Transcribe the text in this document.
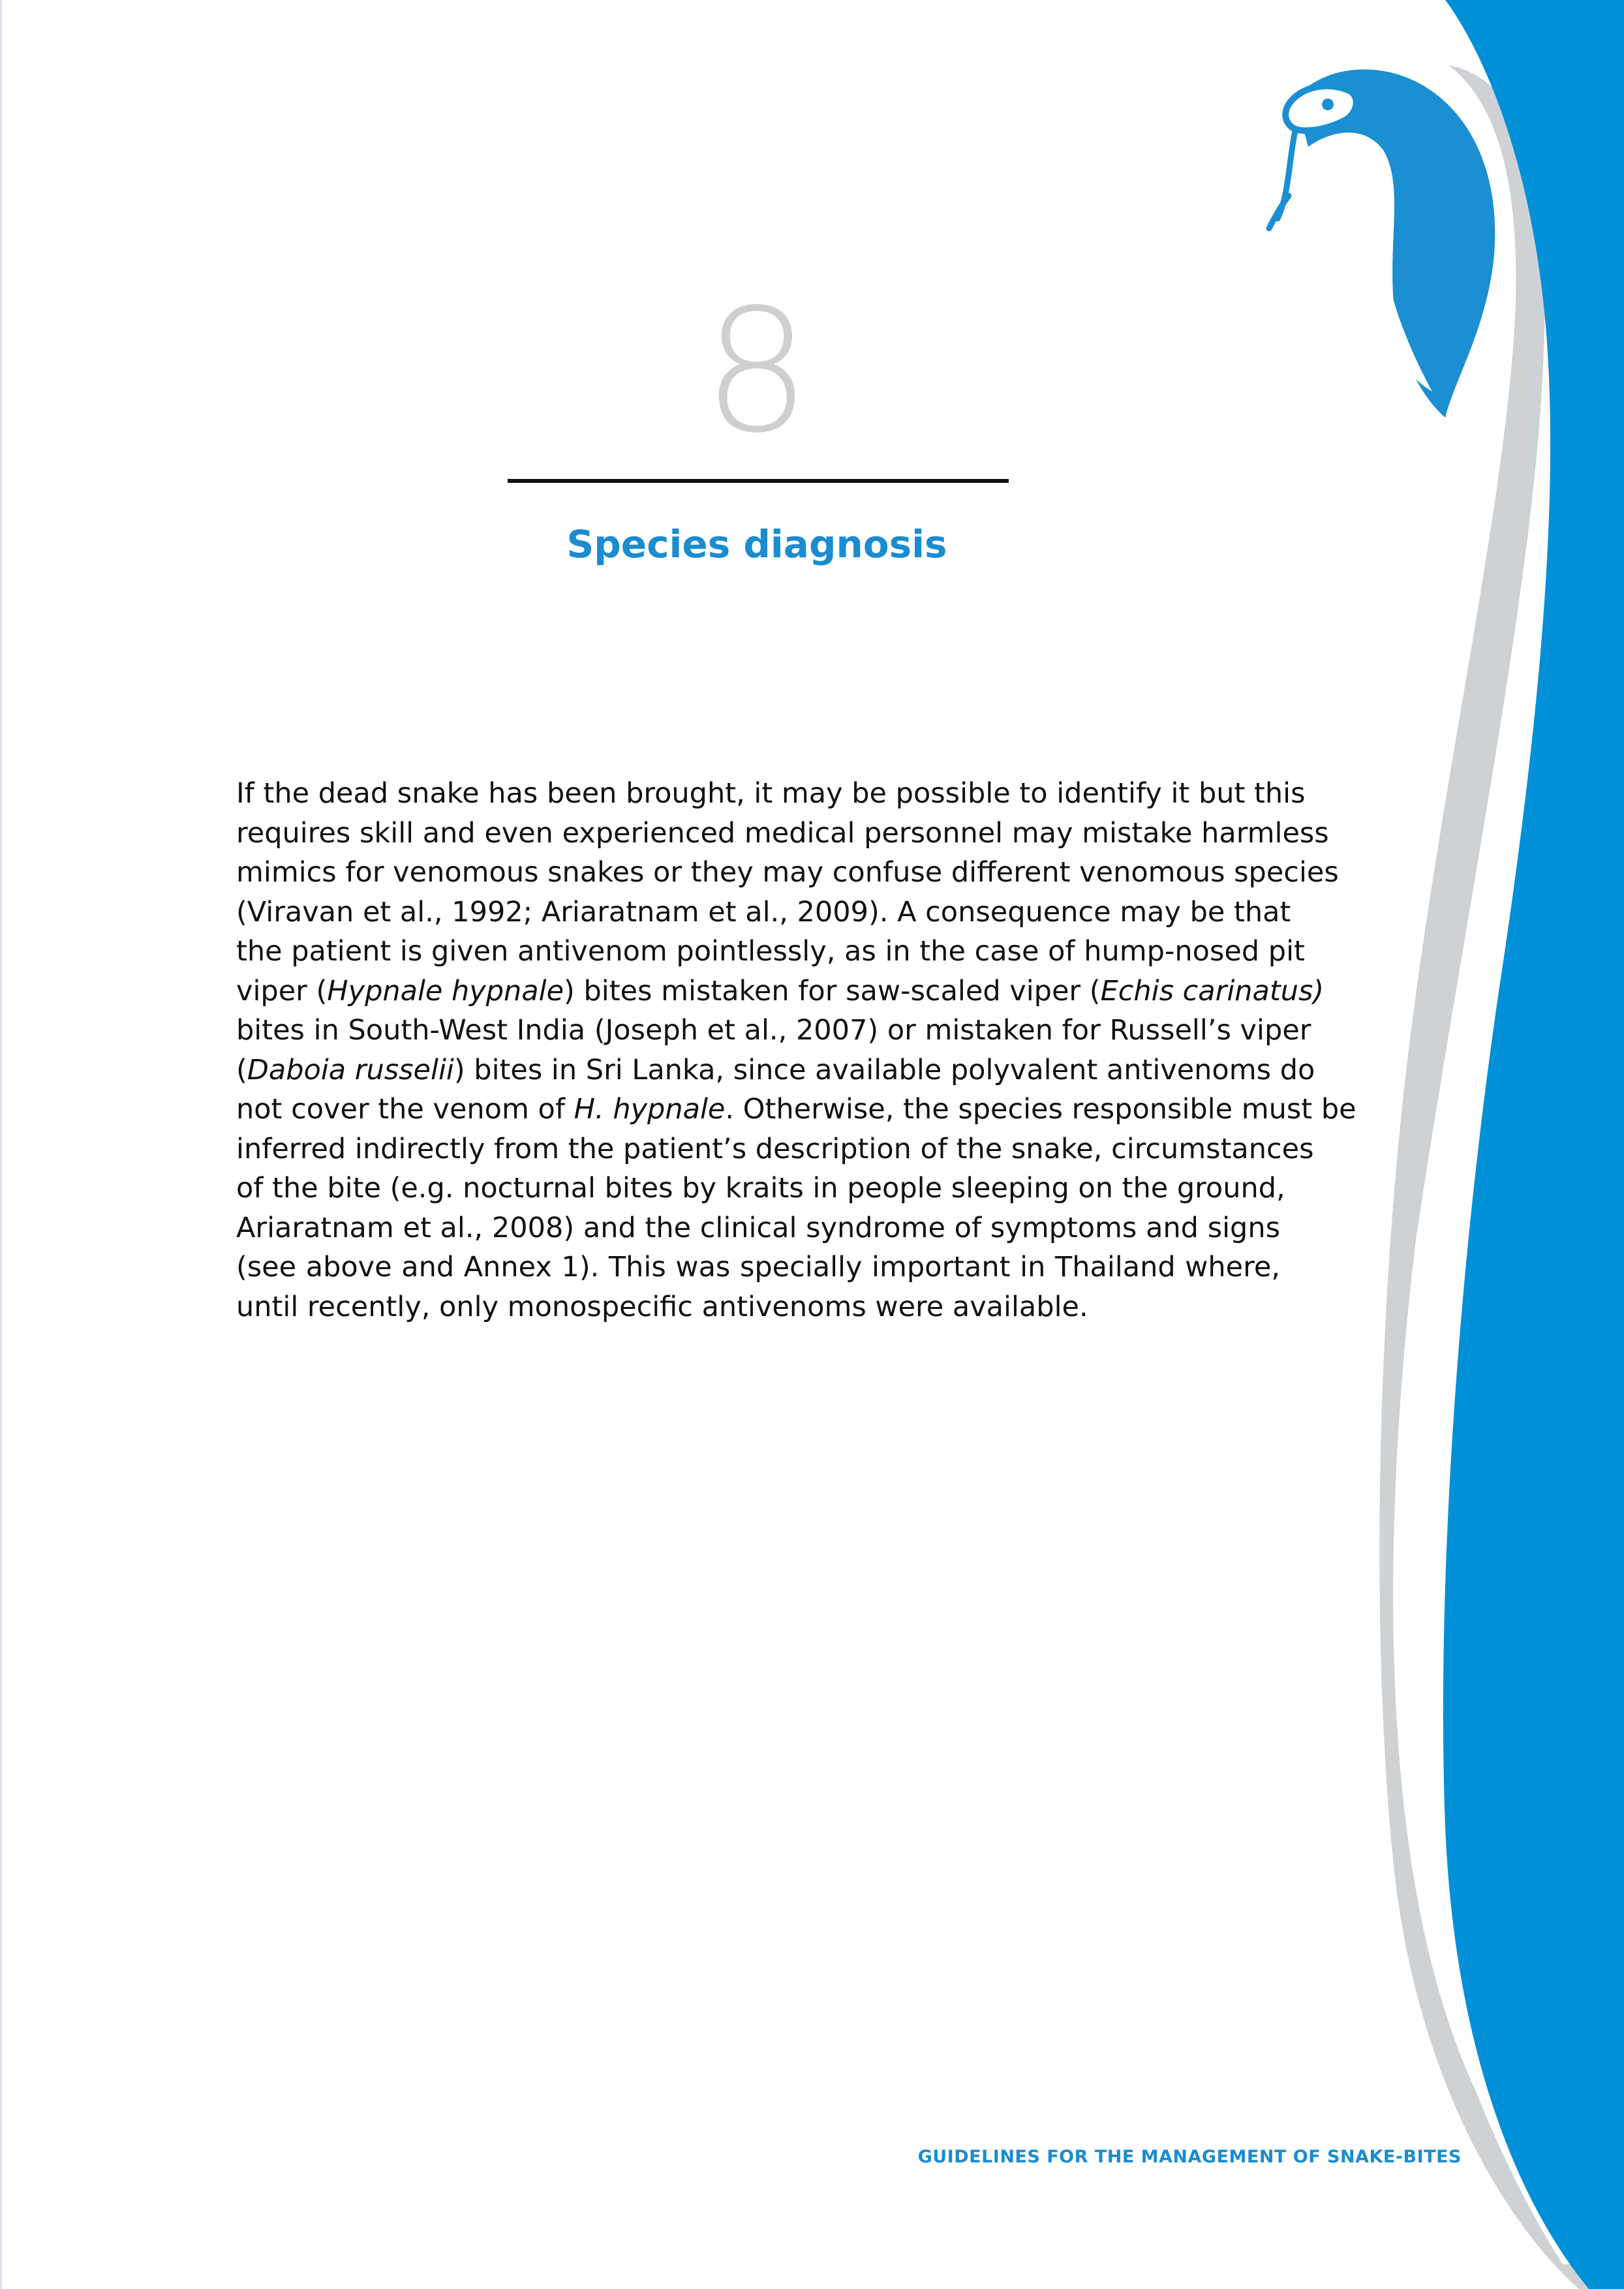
8
Species diagnosis
If the dead snake has been brought, it may be possible to identify it but this
requires skill and even experienced medical personnel may mistake harmless
mimics for venomous snakes or they may confuse different venomous species
(Viravan et al., 1992; Ariaratnam et al., 2009). A consequence may be that
the patient is given antivenom pointlessly, as in the case of hump-nosed pit
viper (Hypnale hypnale) bites mistaken for saw-scaled viper (Echis carinatus)
bites in South-West India (Joseph et al., 2007) or mistaken for Russell’s viper
(Daboia russelii) bites in Sri Lanka, since available polyvalent antivenoms do
not cover the venom of H. hypnale. Otherwise, the species responsible must be
inferred indirectly from the patient’s description of the snake, circumstances
of the bite (e.g. nocturnal bites by kraits in people sleeping on the ground,
Ariaratnam et al., 2008) and the clinical syndrome of symptoms and signs
(see above and Annex 1). This was specially important in Thailand where,
until recently, only monospecific antivenoms were available.
GUIDELINES FOR THE MANAGEMENT OF SNAKE-BITES
